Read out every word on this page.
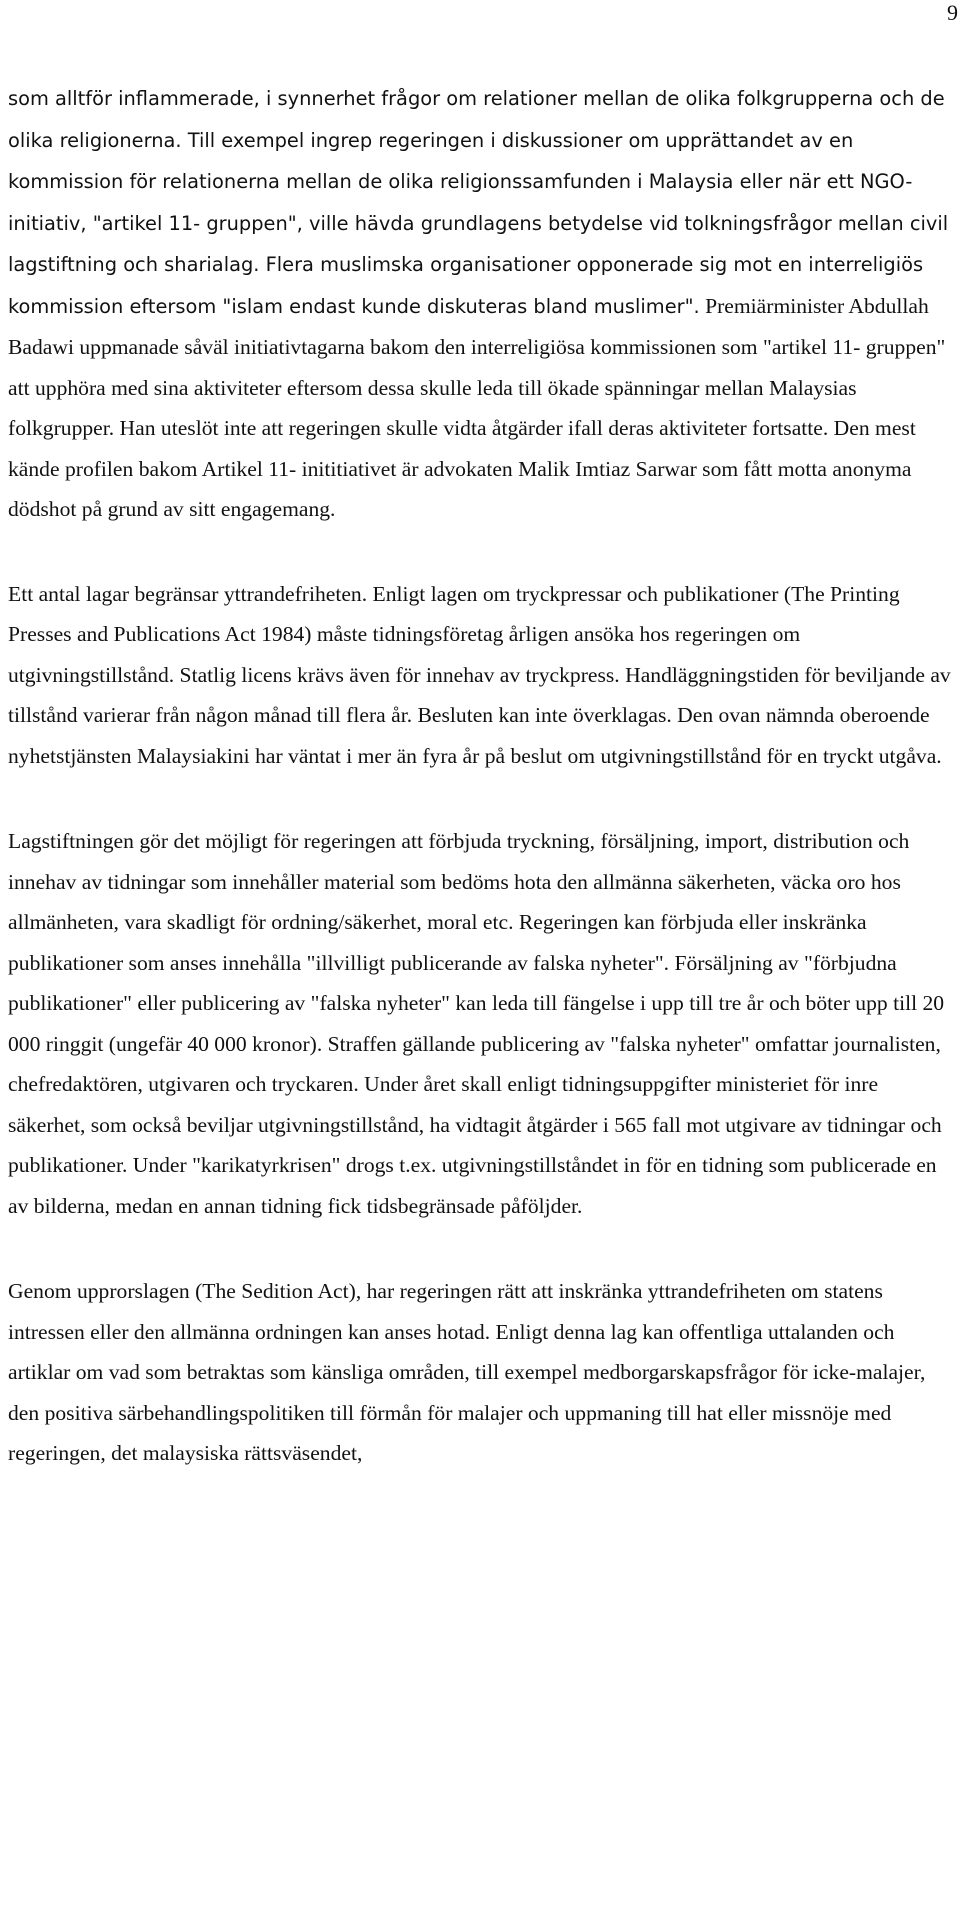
9

som alltför inflammerade, i synnerhet frågor om relationer mellan de olika folkgrupperna och de olika religionerna. Till exempel ingrep regeringen i diskussioner om upprättandet av en kommission för relationerna mellan de olika religionssamfunden i Malaysia eller när ett NGO-initiativ, "artikel 11- gruppen", ville hävda grundlagens betydelse vid tolkningsfrågor mellan civil lagstiftning och sharialag. Flera muslimska organisationer opponerade sig mot en interreligiös kommission eftersom "islam endast kunde diskuteras bland muslimer". Premiärminister Abdullah Badawi uppmanade såväl initiativtagarna bakom den interreligiösa kommissionen som "artikel 11- gruppen" att upphöra med sina aktiviteter eftersom dessa skulle leda till ökade spänningar mellan Malaysias folkgrupper. Han uteslöt inte att regeringen skulle vidta åtgärder ifall deras aktiviteter fortsatte. Den mest kände profilen bakom Artikel 11- inititiativet är advokaten Malik Imtiaz Sarwar som fått motta anonyma dödshot på grund av sitt engagemang.

Ett antal lagar begränsar yttrandefriheten. Enligt lagen om tryckpressar och publikationer (The Printing Presses and Publications Act 1984) måste tidningsföretag årligen ansöka hos regeringen om utgivningstillstånd. Statlig licens krävs även för innehav av tryckpress. Handläggningstiden för beviljande av tillstånd varierar från någon månad till flera år. Besluten kan inte överklagas. Den ovan nämnda oberoende nyhetstjänsten Malaysiakini har väntat i mer än fyra år på beslut om utgivningstillstånd för en tryckt utgåva.

Lagstiftningen gör det möjligt för regeringen att förbjuda tryckning, försäljning, import, distribution och innehav av tidningar som innehåller material som bedöms hota den allmänna säkerheten, väcka oro hos allmänheten, vara skadligt för ordning/säkerhet, moral etc. Regeringen kan förbjuda eller inskränka publikationer som anses innehålla "illvilligt publicerande av falska nyheter". Försäljning av "förbjudna publikationer" eller publicering av "falska nyheter" kan leda till fängelse i upp till tre år och böter upp till 20 000 ringgit (ungefär 40 000 kronor). Straffen gällande publicering av "falska nyheter" omfattar journalisten, chefredaktören, utgivaren och tryckaren. Under året skall enligt tidningsuppgifter ministeriet för inre säkerhet, som också beviljar utgivningstillstånd, ha vidtagit åtgärder i 565 fall mot utgivare av tidningar och publikationer. Under "karikatyrkrisen" drogs t.ex. utgivningstillståndet in för en tidning som publicerade en av bilderna, medan en annan tidning fick tidsbegränsade påföljder.

Genom upprorslagen (The Sedition Act), har regeringen rätt att inskränka yttrandefriheten om statens intressen eller den allmänna ordningen kan anses hotad. Enligt denna lag kan offentliga uttalanden och artiklar om vad som betraktas som känsliga områden, till exempel medborgarskapsfrågor för icke-malajer, den positiva särbehandlingspolitiken till förmån för malajer och uppmaning till hat eller missnöje med regeringen, det malaysiska rättsväsendet,
